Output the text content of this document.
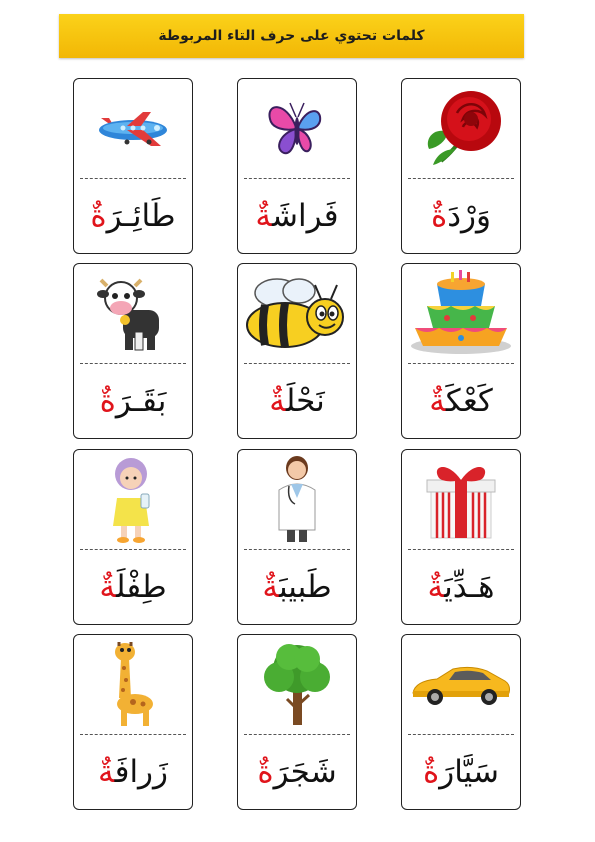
كلمات تحتوي على حرف التاء المربوطة
وَرْدَةٌ
فَراشَةٌ
طَائِـرَةٌ
كَعْكَةٌ
نَحْلَةٌ
بَقَـرَةٌ
هَـدِّيَةٌ
طَبيبَةٌ
طِفْلَةٌ
سَيَّارَةٌ
شَجَرَةٌ
زَرافَةٌ
